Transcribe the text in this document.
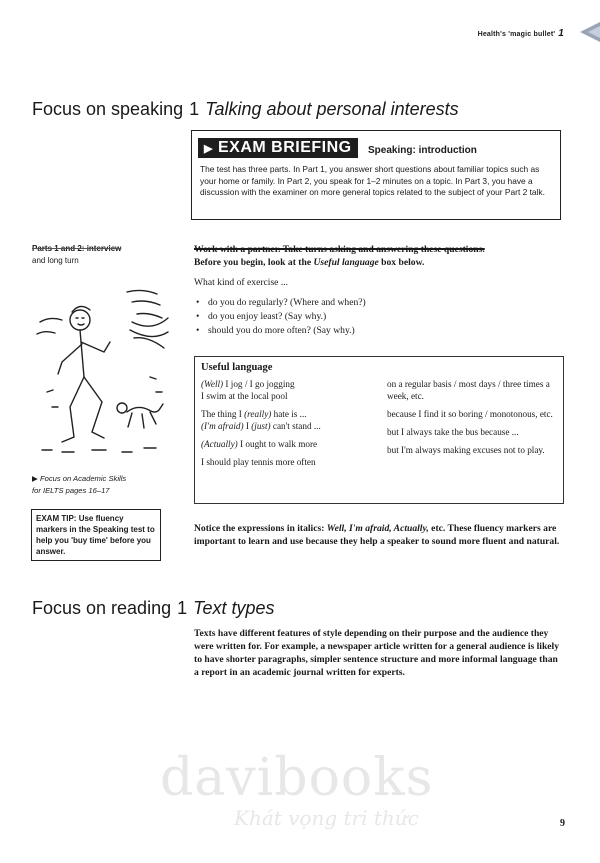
Health's 'magic bullet' 1
Focus on speaking 1 Talking about personal interests
▶ EXAM BRIEFING	Speaking: introduction
The test has three parts. In Part 1, you answer short questions about familiar topics such as your home or family. In Part 2, you speak for 1–2 minutes on a topic. In Part 3, you have a discussion with the examiner on more general topics related to the subject of your Part 2 talk.
Parts 1 and 2: interview
and long turn
▶ Focus on Academic Skills
for IELTS pages 16–17
EXAM TIP: Use fluency markers in the Speaking test to help you 'buy time' before you answer.
Work with a partner. Take turns asking and answering these questions.
Before you begin, look at the Useful language box below.
What kind of exercise ...
• do you do regularly? (Where and when?)
• do you enjoy least? (Say why.)
• should you do more often? (Say why.)
Useful language
(Well) I jog / I go jogging
I swim at the local pool
The thing I (really) hate is ...
(I'm afraid) I (just) can't stand ...
(Actually) I ought to walk more
I should play tennis more often
on a regular basis / most days / three times a week, etc.
because I find it so boring / monotonous, etc.
but I always take the bus because ...
but I'm always making excuses not to play.
Notice the expressions in italics: Well, I'm afraid, Actually, etc. These fluency markers are important to learn and use because they help a speaker to sound more fluent and natural.
Focus on reading 1 Text types
Texts have different features of style depending on their purpose and the audience they were written for. For example, a newspaper article written for a general audience is likely to have shorter paragraphs, simpler sentence structure and more informal language than a report in an academic journal written for experts.
davibooks
Khát vọng tri thức	9
